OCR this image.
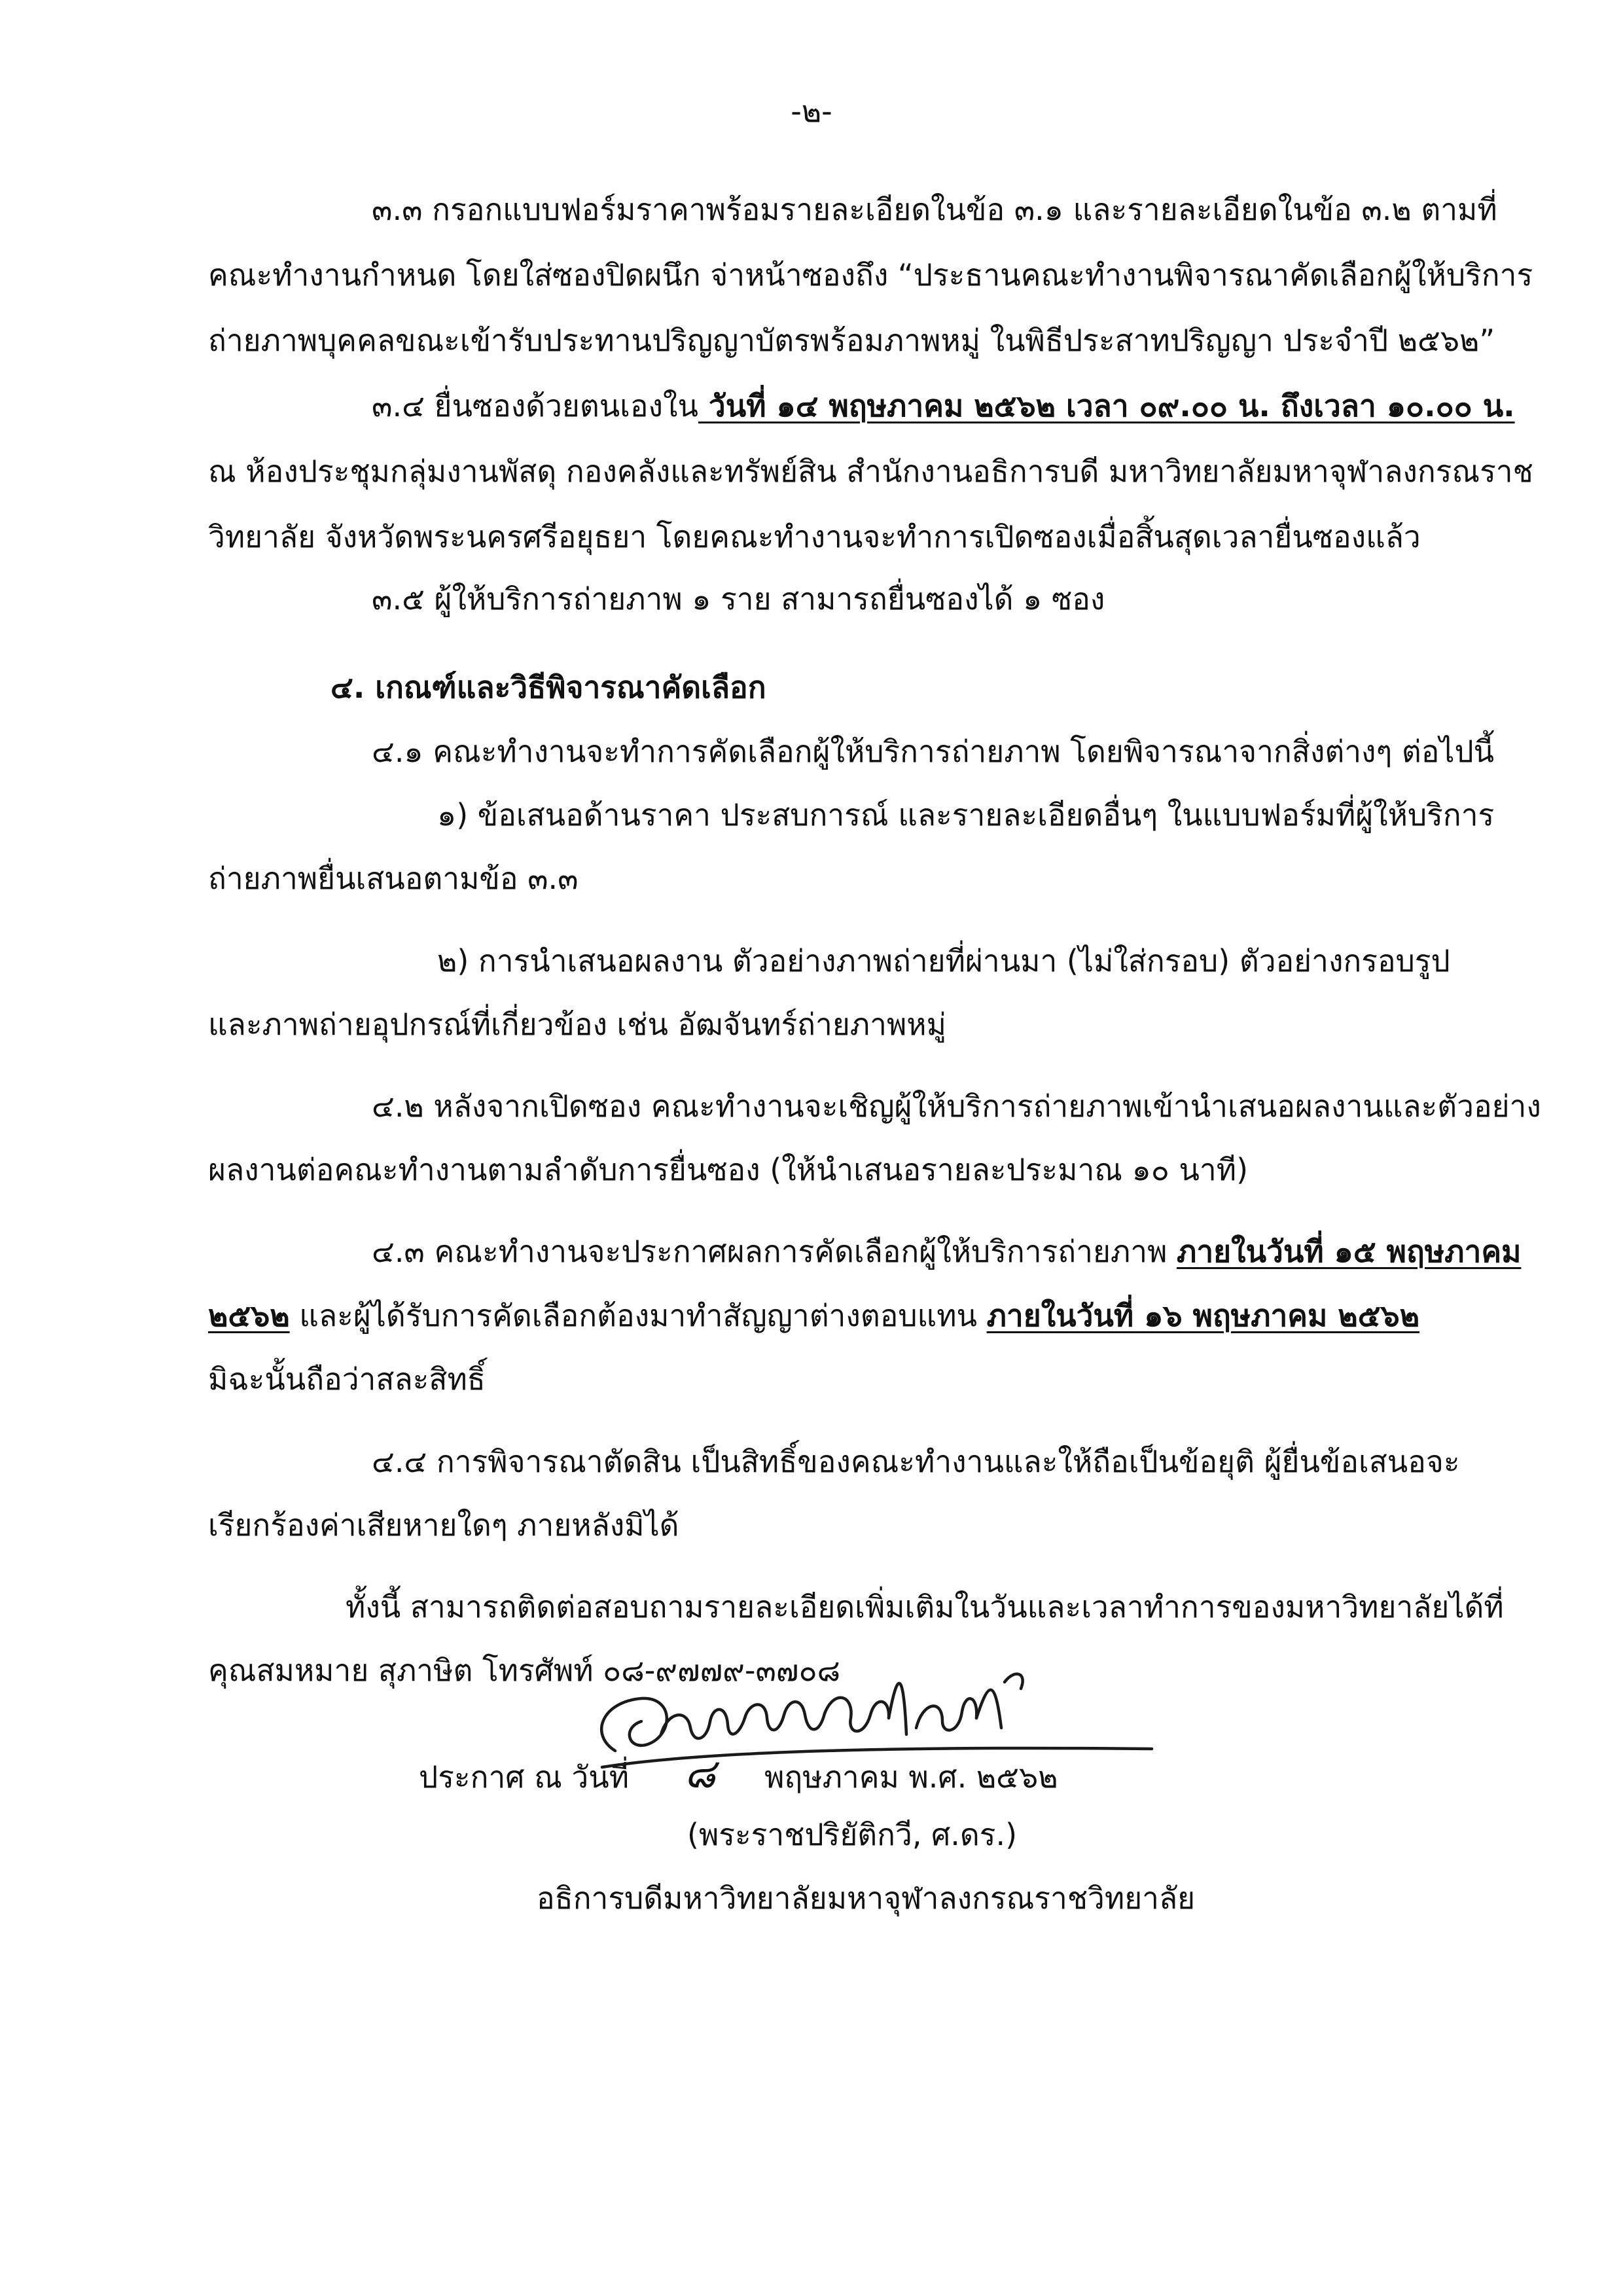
-๒-
๓.๓ กรอกแบบฟอร์มราคาพร้อมรายละเอียดในข้อ ๓.๑ และรายละเอียดในข้อ ๓.๒ ตามที่
คณะทำงานกำหนด โดยใส่ซองปิดผนึก จ่าหน้าซองถึง “ประธานคณะทำงานพิจารณาคัดเลือกผู้ให้บริการ
ถ่ายภาพบุคคลขณะเข้ารับประทานปริญญาบัตรพร้อมภาพหมู่ ในพิธีประสาทปริญญา ประจำปี ๒๕๖๒”
๓.๔ ยื่นซองด้วยตนเองใน วันที่ ๑๔ พฤษภาคม ๒๕๖๒ เวลา ๐๙.๐๐ น. ถึงเวลา ๑๐.๐๐ น.
ณ ห้องประชุมกลุ่มงานพัสดุ กองคลังและทรัพย์สิน สำนักงานอธิการบดี มหาวิทยาลัยมหาจุฬาลงกรณราช
วิทยาลัย จังหวัดพระนครศรีอยุธยา โดยคณะทำงานจะทำการเปิดซองเมื่อสิ้นสุดเวลายื่นซองแล้ว
๓.๕ ผู้ให้บริการถ่ายภาพ ๑ ราย สามารถยื่นซองได้ ๑ ซอง
๔. เกณฑ์และวิธีพิจารณาคัดเลือก
๔.๑ คณะทำงานจะทำการคัดเลือกผู้ให้บริการถ่ายภาพ โดยพิจารณาจากสิ่งต่างๆ ต่อไปนี้
๑) ข้อเสนอด้านราคา ประสบการณ์ และรายละเอียดอื่นๆ ในแบบฟอร์มที่ผู้ให้บริการ
ถ่ายภาพยื่นเสนอตามข้อ ๓.๓
๒) การนำเสนอผลงาน ตัวอย่างภาพถ่ายที่ผ่านมา (ไม่ใส่กรอบ) ตัวอย่างกรอบรูป
และภาพถ่ายอุปกรณ์ที่เกี่ยวข้อง เช่น อัฒจันทร์ถ่ายภาพหมู่
๔.๒ หลังจากเปิดซอง คณะทำงานจะเชิญผู้ให้บริการถ่ายภาพเข้านำเสนอผลงานและตัวอย่าง
ผลงานต่อคณะทำงานตามลำดับการยื่นซอง (ให้นำเสนอรายละประมาณ ๑๐ นาที)
๔.๓ คณะทำงานจะประกาศผลการคัดเลือกผู้ให้บริการถ่ายภาพ ภายในวันที่ ๑๕ พฤษภาคม
๒๕๖๒ และผู้ได้รับการคัดเลือกต้องมาทำสัญญาต่างตอบแทน ภายในวันที่ ๑๖ พฤษภาคม ๒๕๖๒
มิฉะนั้นถือว่าสละสิทธิ์
๔.๔ การพิจารณาตัดสิน เป็นสิทธิ์ของคณะทำงานและให้ถือเป็นข้อยุติ ผู้ยื่นข้อเสนอจะ
เรียกร้องค่าเสียหายใดๆ ภายหลังมิได้
ทั้งนี้ สามารถติดต่อสอบถามรายละเอียดเพิ่มเติมในวันและเวลาทำการของมหาวิทยาลัยได้ที่
คุณสมหมาย สุภาษิต โทรศัพท์ ๐๘-๙๗๗๙-๓๗๐๘
ประกาศ ณ วันที่ ๘ พฤษภาคม พ.ศ. ๒๕๖๒
(พระราชปริยัติกวี, ศ.ดร.)
อธิการบดีมหาวิทยาลัยมหาจุฬาลงกรณราชวิทยาลัย
